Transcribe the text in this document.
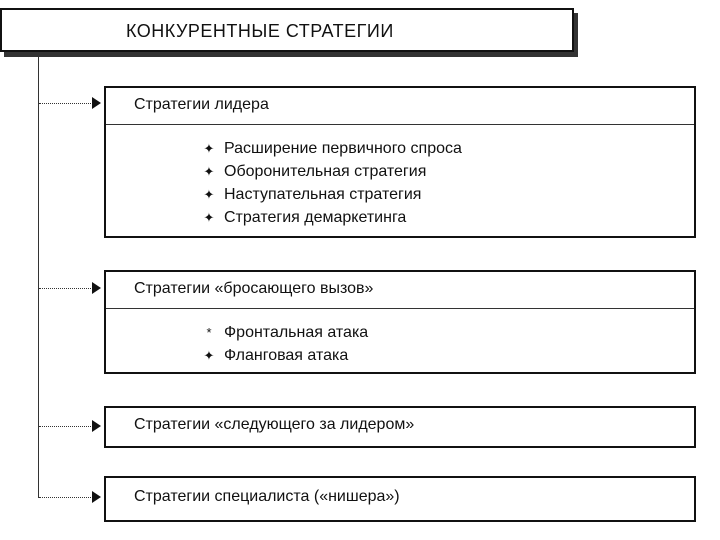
КОНКУРЕНТНЫЕ СТРАТЕГИИ
Стратегии лидера
✦ Расширение первичного спроса
✦ Оборонительная стратегия
✦ Наступательная стратегия
✦ Стратегия демаркетинга
Стратегии «бросающего вызов»
* Фронтальная атака
✦ Фланговая атака
Стратегии «следующего за лидером»
Стратегии специалиста («нишера»)
